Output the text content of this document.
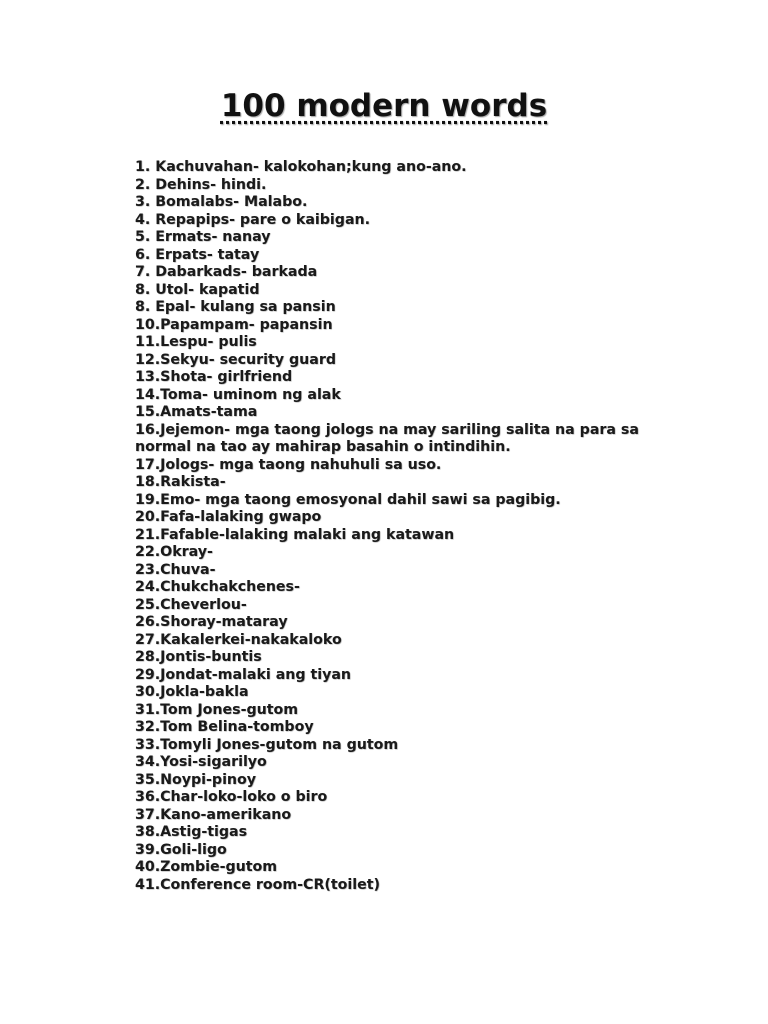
100 modern words
1. Kachuvahan- kalokohan;kung ano-ano.
2. Dehins- hindi.
3. Bomalabs- Malabo.
4. Repapips- pare o kaibigan.
5. Ermats- nanay
6. Erpats- tatay
7. Dabarkads- barkada
8. Utol- kapatid
8. Epal- kulang sa pansin
10.Papampam- papansin
11.Lespu- pulis
12.Sekyu- security guard
13.Shota- girlfriend
14.Toma- uminom ng alak
15.Amats-tama
16.Jejemon- mga taong jologs na may sariling salita na para sa normal na tao ay mahirap basahin o intindihin.
17.Jologs- mga taong nahuhuli sa uso.
18.Rakista-
19.Emo- mga taong emosyonal dahil sawi sa pagibig.
20.Fafa-lalaking gwapo
21.Fafable-lalaking malaki ang katawan
22.Okray-
23.Chuva-
24.Chukchakchenes-
25.Cheverlou-
26.Shoray-mataray
27.Kakalerkei-nakakaloko
28.Jontis-buntis
29.Jondat-malaki ang tiyan
30.Jokla-bakla
31.Tom Jones-gutom
32.Tom Belina-tomboy
33.Tomyli Jones-gutom na gutom
34.Yosi-sigarilyo
35.Noypi-pinoy
36.Char-loko-loko o biro
37.Kano-amerikano
38.Astig-tigas
39.Goli-ligo
40.Zombie-gutom
41.Conference room-CR(toilet)
